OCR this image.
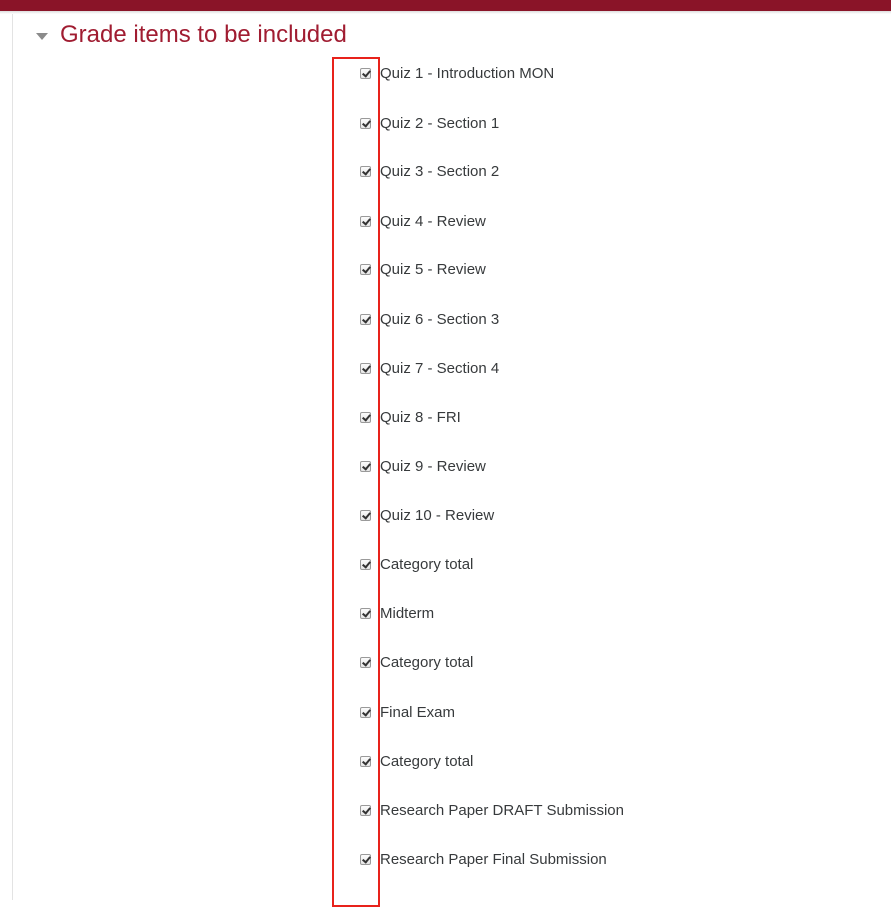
Grade items to be included
Quiz 1 - Introduction MON
Quiz 2 - Section 1
Quiz 3 - Section 2
Quiz 4 - Review
Quiz 5 - Review
Quiz 6 - Section 3
Quiz 7 - Section 4
Quiz 8 - FRI
Quiz 9 - Review
Quiz 10 - Review
Category total
Midterm
Category total
Final Exam
Category total
Research Paper DRAFT Submission
Research Paper Final Submission
